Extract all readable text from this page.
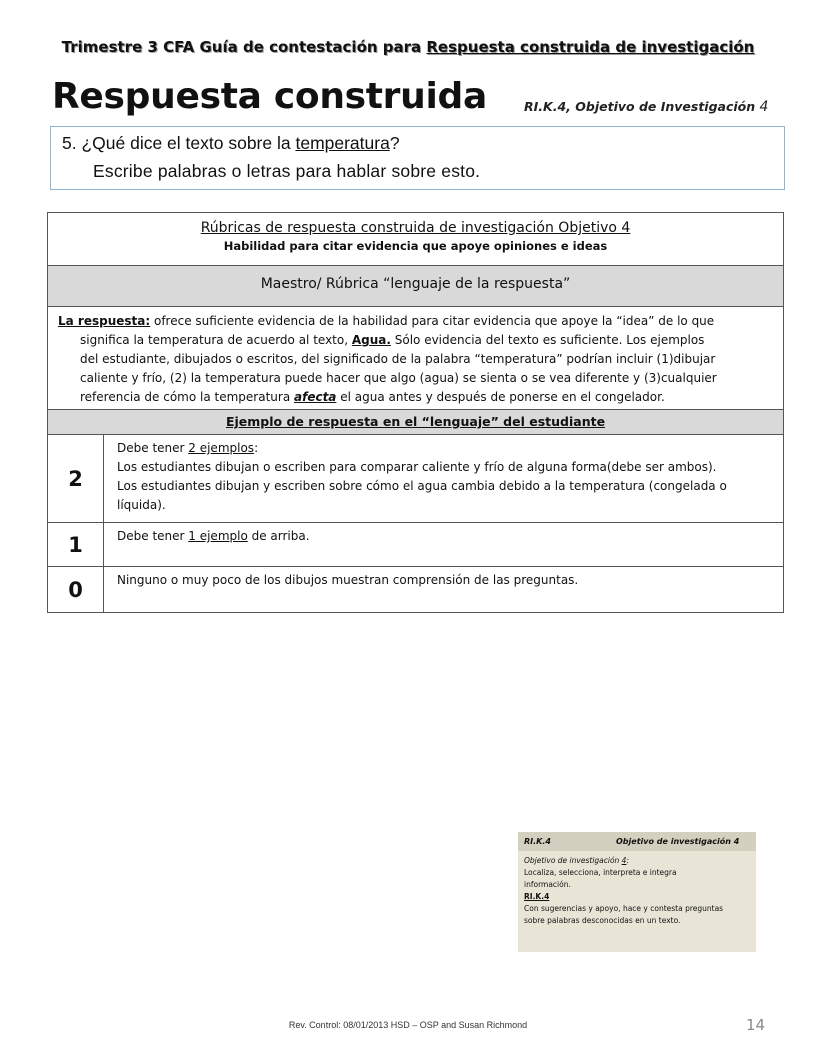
Trimestre 3 CFA Guía de contestación para Respuesta construida de investigación
Respuesta construida	RI.K.4, Objetivo de Investigación 4
5. ¿Qué dice el texto sobre la temperatura?
Escribe palabras o letras para hablar sobre esto.
Rúbricas de respuesta construida de investigación Objetivo 4
Habilidad para citar evidencia que apoye opiniones e ideas	

Maestro/ Rúbrica “lenguaje de la respuesta”	

La respuesta: ofrece suficiente evidencia de la habilidad para citar evidencia que apoye la “idea” de lo que
significa la temperatura de acuerdo al texto, Agua. Sólo evidencia del texto es suficiente. Los ejemplos
del estudiante, dibujados o escritos, del significado de la palabra “temperatura” podrían incluir (1)dibujar
caliente y frío, (2) la temperatura puede hacer que algo (agua) se sienta o se vea diferente y (3)cualquier
referencia de cómo la temperatura afecta el agua antes y después de ponerse en el congelador.	

Ejemplo de respuesta en el “lenguaje” del estudiante	

2	Debe tener 2 ejemplos:
Los estudiantes dibujan o escriben para comparar caliente y frío de alguna forma(debe ser ambos).
Los estudiantes dibujan y escriben sobre cómo el agua cambia debido a la temperatura (congelada o
líquida).

1	Debe tener 1 ejemplo de arriba.

0	Ninguno o muy poco de los dibujos muestran comprensión de las preguntas.
RI.K.4	Objetivo de investigación 4
Objetivo de investigación 4:
Localiza, selecciona, interpreta e integra
información.
RI.K.4
Con sugerencias y apoyo, hace y contesta preguntas
sobre palabras desconocidas en un texto.
Rev. Control: 08/01/2013 HSD – OSP and Susan Richmond	14
